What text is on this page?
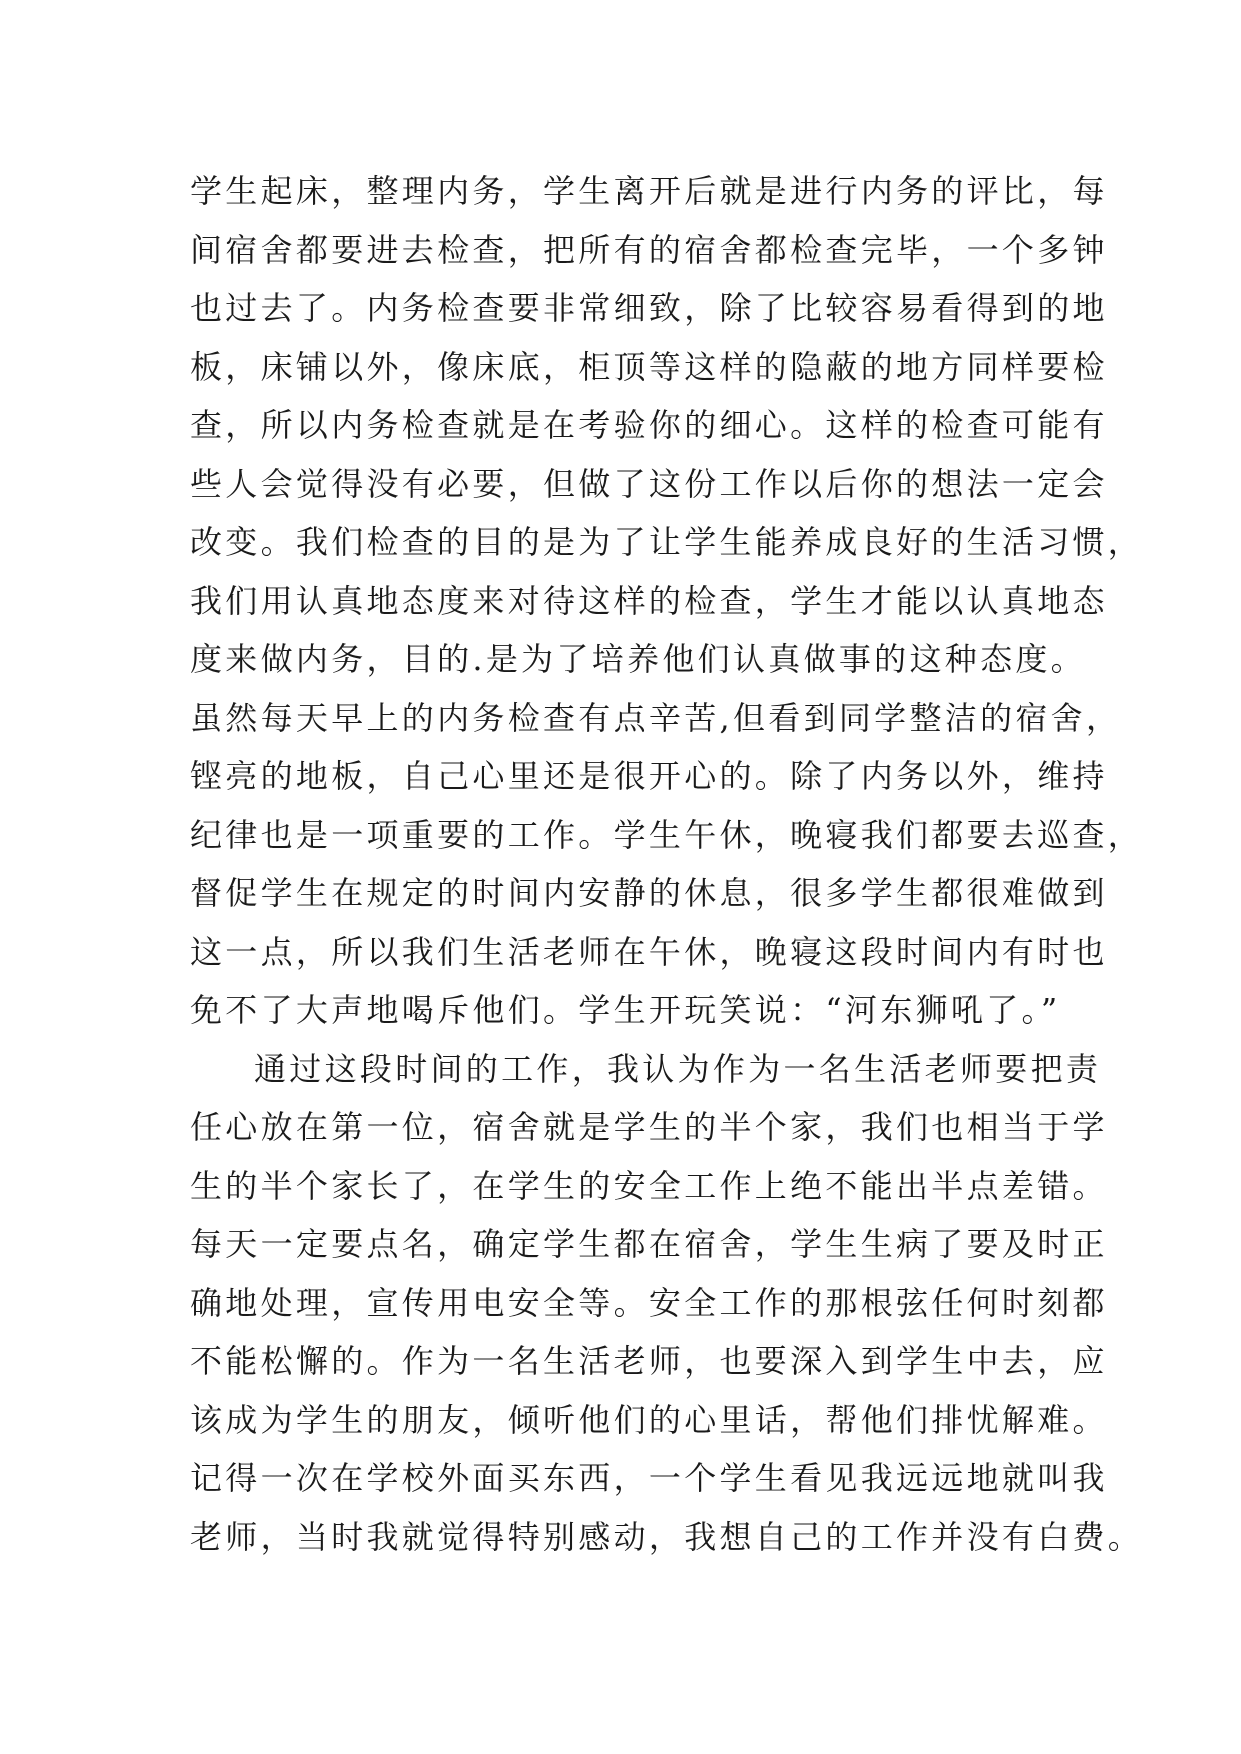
学生起床，整理内务，学生离开后就是进行内务的评比，每
间宿舍都要进去检查，把所有的宿舍都检查完毕，一个多钟
也过去了。内务检查要非常细致，除了比较容易看得到的地
板，床铺以外，像床底，柜顶等这样的隐蔽的地方同样要检
查，所以内务检查就是在考验你的细心。这样的检查可能有
些人会觉得没有必要，但做了这份工作以后你的想法一定会
改变。我们检查的目的是为了让学生能养成良好的生活习惯，
我们用认真地态度来对待这样的检查，学生才能以认真地态
度来做内务，目的.是为了培养他们认真做事的这种态度。
虽然每天早上的内务检查有点辛苦,但看到同学整洁的宿舍，
铿亮的地板，自己心里还是很开心的。除了内务以外，维持
纪律也是一项重要的工作。学生午休，晚寝我们都要去巡查，
督促学生在规定的时间内安静的休息，很多学生都很难做到
这一点，所以我们生活老师在午休，晚寝这段时间内有时也
免不了大声地喝斥他们。学生开玩笑说：“河东狮吼了。”
通过这段时间的工作，我认为作为一名生活老师要把责
任心放在第一位，宿舍就是学生的半个家，我们也相当于学
生的半个家长了，在学生的安全工作上绝不能出半点差错。
每天一定要点名，确定学生都在宿舍，学生生病了要及时正
确地处理，宣传用电安全等。安全工作的那根弦任何时刻都
不能松懈的。作为一名生活老师，也要深入到学生中去，应
该成为学生的朋友，倾听他们的心里话，帮他们排忧解难。
记得一次在学校外面买东西，一个学生看见我远远地就叫我
老师，当时我就觉得特别感动，我想自己的工作并没有白费。
